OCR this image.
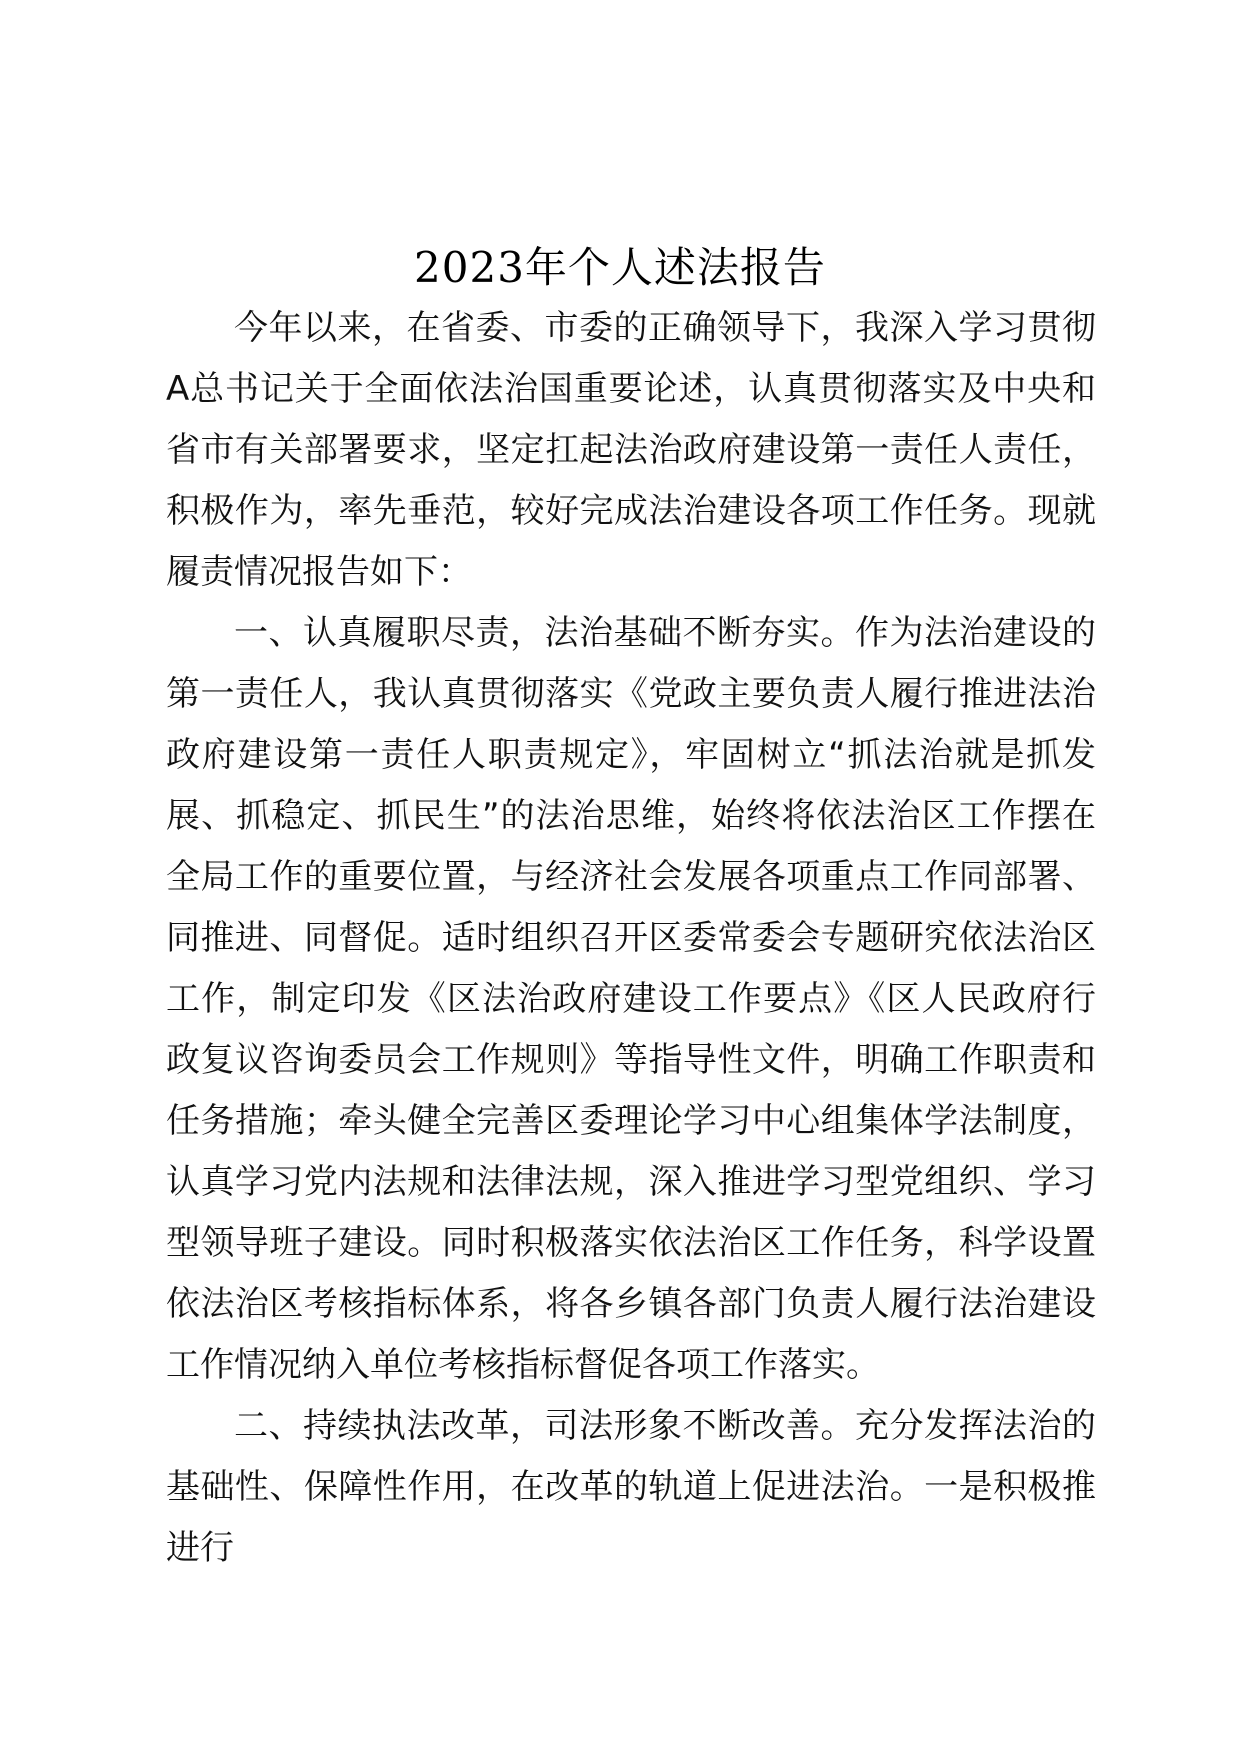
2023年个人述法报告

今年以来，在省委、市委的正确领导下，我深入学习贯彻A总书记关于全面依法治国重要论述，认真贯彻落实及中央和省市有关部署要求，坚定扛起法治政府建设第一责任人责任，积极作为，率先垂范，较好完成法治建设各项工作任务。现就履责情况报告如下：

一、认真履职尽责，法治基础不断夯实。作为法治建设的第一责任人，我认真贯彻落实《党政主要负责人履行推进法治政府建设第一责任人职责规定》，牢固树立“抓法治就是抓发展、抓稳定、抓民生”的法治思维，始终将依法治区工作摆在全局工作的重要位置，与经济社会发展各项重点工作同部署、同推进、同督促。适时组织召开区委常委会专题研究依法治区工作，制定印发《区法治政府建设工作要点》《区人民政府行政复议咨询委员会工作规则》等指导性文件，明确工作职责和任务措施；牵头健全完善区委理论学习中心组集体学法制度，认真学习党内法规和法律法规，深入推进学习型党组织、学习型领导班子建设。同时积极落实依法治区工作任务，科学设置依法治区考核指标体系，将各乡镇各部门负责人履行法治建设工作情况纳入单位考核指标督促各项工作落实。

二、持续执法改革，司法形象不断改善。充分发挥法治的基础性、保障性作用，在改革的轨道上促进法治。一是积极推进行
